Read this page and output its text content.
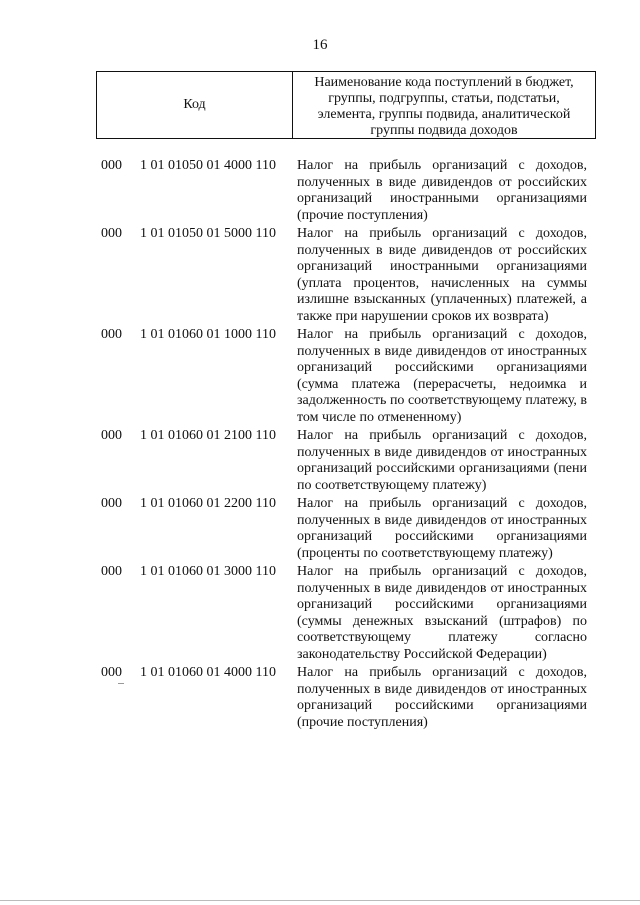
16
Код
Наименование кода поступлений в бюджет, группы, подгруппы, статьи, подстатьи, элемента, группы подвида, аналитической группы подвида доходов
000 1 01 01050 01 4000 110 Налог на прибыль организаций с доходов, полученных в виде дивидендов от российских организаций иностранными организациями (прочие поступления)
000 1 01 01050 01 5000 110 Налог на прибыль организаций с доходов, полученных в виде дивидендов от российских организаций иностранными организациями (уплата процентов, начисленных на суммы излишне взысканных (уплаченных) платежей, а также при нарушении сроков их возврата)
000 1 01 01060 01 1000 110 Налог на прибыль организаций с доходов, полученных в виде дивидендов от иностранных организаций российскими организациями (сумма платежа (перерасчеты, недоимка и задолженность по соответствующему платежу, в том числе по отмененному)
000 1 01 01060 01 2100 110 Налог на прибыль организаций с доходов, полученных в виде дивидендов от иностранных организаций российскими организациями (пени по соответствующему платежу)
000 1 01 01060 01 2200 110 Налог на прибыль организаций с доходов, полученных в виде дивидендов от иностранных организаций российскими организациями (проценты по соответствующему платежу)
000 1 01 01060 01 3000 110 Налог на прибыль организаций с доходов, полученных в виде дивидендов от иностранных организаций российскими организациями (суммы денежных взысканий (штрафов) по соответствующему платежу согласно законодательству Российской Федерации)
000 1 01 01060 01 4000 110 Налог на прибыль организаций с доходов, полученных в виде дивидендов от иностранных организаций российскими организациями (прочие поступления)
